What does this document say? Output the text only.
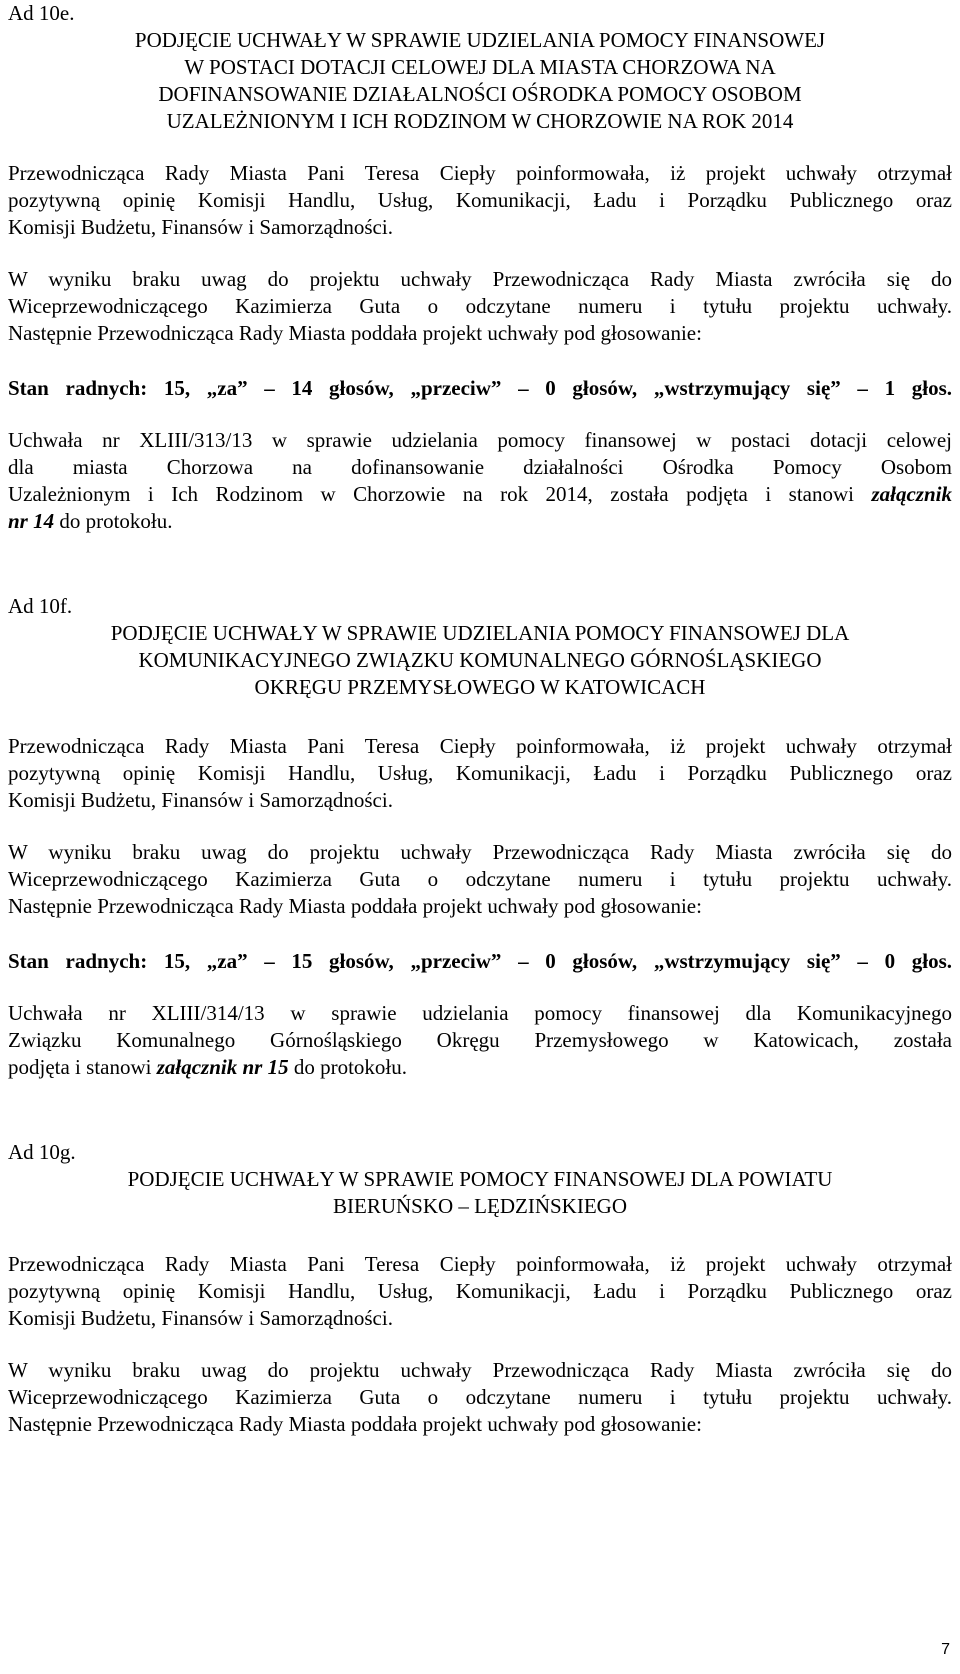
Ad 10e.
PODJĘCIE UCHWAŁY W SPRAWIE UDZIELANIA POMOCY FINANSOWEJ
W POSTACI DOTACJI CELOWEJ DLA MIASTA CHORZOWA NA
DOFINANSOWANIE DZIAŁALNOŚCI OŚRODKA POMOCY OSOBOM
UZALEŻNIONYM I ICH RODZINOM W CHORZOWIE NA ROK 2014
Przewodnicząca Rady Miasta Pani Teresa Ciepły poinformowała, iż projekt uchwały otrzymał
pozytywną opinię Komisji Handlu, Usług, Komunikacji, Ładu i Porządku Publicznego oraz
Komisji Budżetu, Finansów i Samorządności.
W wyniku braku uwag do projektu uchwały Przewodnicząca Rady Miasta zwróciła się do
Wiceprzewodniczącego Kazimierza Guta o odczytane numeru i tytułu projektu uchwały.
Następnie Przewodnicząca Rady Miasta poddała projekt uchwały pod głosowanie:
Stan radnych: 15, „za” – 14 głosów, „przeciw” – 0 głosów, „wstrzymujący się” – 1 głos.
Uchwała nr XLIII/313/13 w sprawie udzielania pomocy finansowej w postaci dotacji celowej
dla miasta Chorzowa na dofinansowanie działalności Ośrodka Pomocy Osobom
Uzależnionym i Ich Rodzinom w Chorzowie na rok 2014, została podjęta i stanowi załącznik
nr 14 do protokołu.
Ad 10f.
PODJĘCIE UCHWAŁY W SPRAWIE UDZIELANIA POMOCY FINANSOWEJ DLA
KOMUNIKACYJNEGO ZWIĄZKU KOMUNALNEGO GÓRNOŚLĄSKIEGO
OKRĘGU PRZEMYSŁOWEGO W KATOWICACH
Przewodnicząca Rady Miasta Pani Teresa Ciepły poinformowała, iż projekt uchwały otrzymał
pozytywną opinię Komisji Handlu, Usług, Komunikacji, Ładu i Porządku Publicznego oraz
Komisji Budżetu, Finansów i Samorządności.
W wyniku braku uwag do projektu uchwały Przewodnicząca Rady Miasta zwróciła się do
Wiceprzewodniczącego Kazimierza Guta o odczytane numeru i tytułu projektu uchwały.
Następnie Przewodnicząca Rady Miasta poddała projekt uchwały pod głosowanie:
Stan radnych: 15, „za” – 15 głosów, „przeciw” – 0 głosów, „wstrzymujący się” – 0 głos.
Uchwała nr XLIII/314/13 w sprawie udzielania pomocy finansowej dla Komunikacyjnego
Związku Komunalnego Górnośląskiego Okręgu Przemysłowego w Katowicach, została
podjęta i stanowi załącznik nr 15 do protokołu.
Ad 10g.
PODJĘCIE UCHWAŁY W SPRAWIE POMOCY FINANSOWEJ DLA POWIATU
BIERUŃSKO – LĘDZIŃSKIEGO
Przewodnicząca Rady Miasta Pani Teresa Ciepły poinformowała, iż projekt uchwały otrzymał
pozytywną opinię Komisji Handlu, Usług, Komunikacji, Ładu i Porządku Publicznego oraz
Komisji Budżetu, Finansów i Samorządności.
W wyniku braku uwag do projektu uchwały Przewodnicząca Rady Miasta zwróciła się do
Wiceprzewodniczącego Kazimierza Guta o odczytane numeru i tytułu projektu uchwały.
Następnie Przewodnicząca Rady Miasta poddała projekt uchwały pod głosowanie:
7
